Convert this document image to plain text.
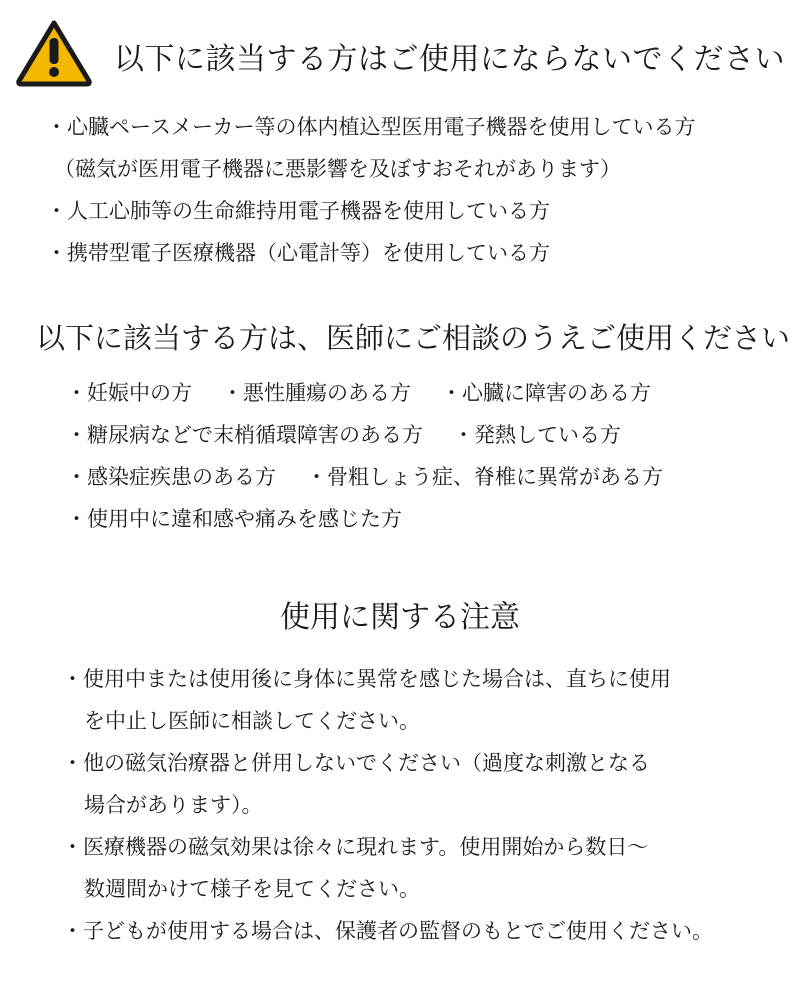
以下に該当する方はご使用にならないでください
・心臓ペースメーカー等の体内植込型医用電子機器を使用している方
（磁気が医用電子機器に悪影響を及ぼすおそれがあります）
・人工心肺等の生命維持用電子機器を使用している方
・携帯型電子医療機器（心電計等）を使用している方
以下に該当する方は、医師にご相談のうえご使用ください
・妊娠中の方 ・悪性腫瘍のある方 ・心臓に障害のある方
・糖尿病などで末梢循環障害のある方 ・発熱している方
・感染症疾患のある方 ・骨粗しょう症、脊椎に異常がある方
・使用中に違和感や痛みを感じた方
使用に関する注意
・使用中または使用後に身体に異常を感じた場合は、直ちに使用
を中止し医師に相談してください。
・他の磁気治療器と併用しないでください（過度な刺激となる
場合があります）。
・医療機器の磁気効果は徐々に現れます。使用開始から数日～
数週間かけて様子を見てください。
・子どもが使用する場合は、保護者の監督のもとでご使用ください。
